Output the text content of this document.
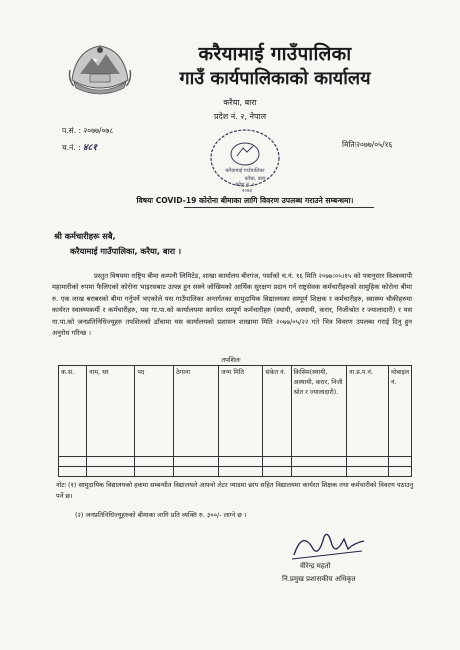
करैयामाई गाउँपालिका
गाउँ कार्यपालिकाको कार्यालय
करैया, बारा
प्रदेश नं. २, नेपाल
प.सं. : २०७७/०७८
च.नं. : ४८१	मितिः२०७७/०५/१६
करैयामाई गाउँपालिका
करैया, बारा
प्रदेश नं. २
२०७३
विषयः COVID-19 कोरोना बीमाका लागि विवरण उपलब्ध गराउने सम्बन्धमा।
श्री कर्मचारीहरू सबै,
करैयामाई गाउँपालिका, करैया, बारा ।
प्रस्तुत विषयमा राष्ट्रिय बीमा कम्पनी लिमिटेड, शाखा कार्यालय बीरगंज, पर्साको च.नं. १६ मिति २०७७।०५।१५ को पत्रानुसार विश्वव्यापी महामारीको रुपमा फैलिएको कोरोना भाइरसबाट उत्पन्न हुन सक्ने जोखिमको आर्थिक सुरक्षण प्रदान गर्न राष्ट्रसेवक कर्मचारीहरुको सामुहिक कोरोना बीमा रु. एक लाख बराबरको बीमा गर्नुपर्ने भएकोले यस गाउँपालिका अन्तर्गतका सामुदायिक विद्यालयका सम्पूर्ण शिक्षक र कर्मचारीहरु, स्वास्थ्य चौकीहरुमा कार्यरत स्वास्थ्यकर्मी र कर्मचारीहरु, यस गा.पा.को कार्यालयमा कार्यरत सम्पूर्ण कर्मचारीहरु (स्थायी, अस्थायी, करार, निजीश्रोत र ज्यालादारी) र यस गा.पा.को जनप्रतिनिधिज्यूहरु तपशिलको ढाँचामा यस कार्यालयको प्रशासन शाखामा मिति २०७७/०५/२२ गते भित्र विवरण उपलब्ध गराई दिनु हुन अनुरोध गरिन्छ ।
तपशिलः
क.स.	नाम, थर	पद	ठेगाना	जन्म मिति	संकेत नं.	किसिम(स्थायी, अस्थायी, करार, निजी श्रोत र ज्यालादारी).	ना.प्र.प.नं.	मोबाइल नं.

नोटः (१) सामुदायिक विद्यालयको हकमा सम्बन्धीत विद्यालयले आफ्नो लेटर प्याडमा छाप सहित विद्यालयमा कार्यरत शिक्षक तथा कर्मचारीको विवरण पठाउनु पर्ने छ।
(२) जनप्रतिनिधिज्यूहरुको बीमाका लागि प्रति व्यक्ति रु. ३००/- लाग्ने छ ।
वीरेन्द्र महतो
नि.प्रमुख प्रशासकीय अधिकृत
